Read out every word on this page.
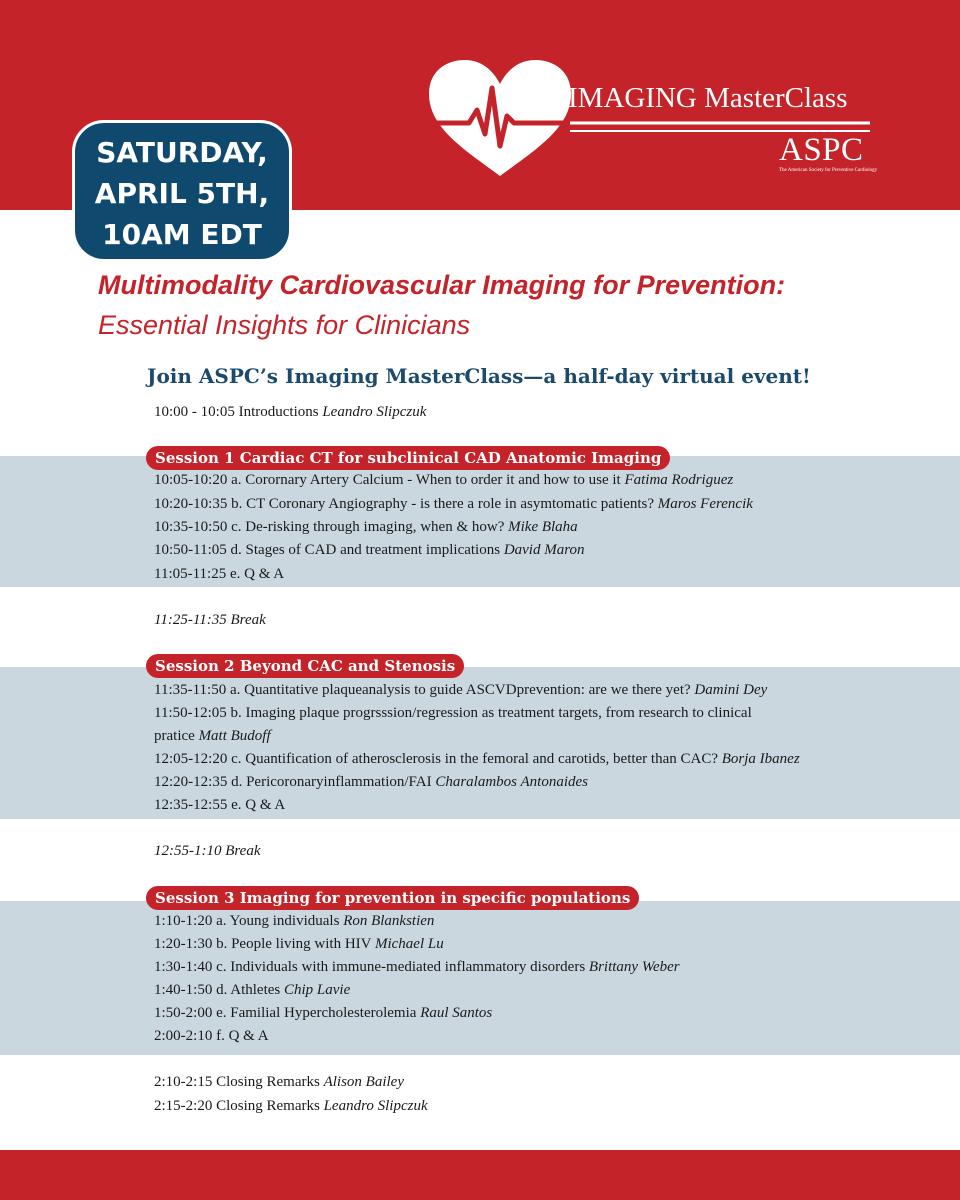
IMAGING MasterClass
ASPC
The American Society for Preventive Cardiology
SATURDAY,
APRIL 5TH,
10AM EDT
Multimodality Cardiovascular Imaging for Prevention:
Essential Insights for Clinicians
Join ASPC’s Imaging MasterClass—a half-day virtual event!
10:00 - 10:05 Introductions Leandro Slipczuk
Session 1 Cardiac CT for subclinical CAD Anatomic Imaging
10:05-10:20 a. Corornary Artery Calcium - When to order it and how to use it Fatima Rodriguez
10:20-10:35 b. CT Coronary Angiography - is there a role in asymtomatic patients? Maros Ferencik
10:35-10:50 c. De-risking through imaging, when & how? Mike Blaha
10:50-11:05 d. Stages of CAD and treatment implications David Maron
11:05-11:25 e. Q & A
11:25-11:35 Break
Session 2 Beyond CAC and Stenosis
11:35-11:50 a. Quantitative plaqueanalysis to guide ASCVDprevention: are we there yet? Damini Dey
11:50-12:05 b. Imaging plaque progrsssion/regression as treatment targets, from research to clinical
pratice Matt Budoff
12:05-12:20 c. Quantification of atherosclerosis in the femoral and carotids, better than CAC? Borja Ibanez
12:20-12:35 d. Pericoronaryinflammation/FAI Charalambos Antonaides
12:35-12:55 e. Q & A
12:55-1:10 Break
Session 3 Imaging for prevention in specific populations
1:10-1:20 a. Young individuals Ron Blankstien
1:20-1:30 b. People living with HIV Michael Lu
1:30-1:40 c. Individuals with immune-mediated inflammatory disorders Brittany Weber
1:40-1:50 d. Athletes Chip Lavie
1:50-2:00 e. Familial Hypercholesterolemia Raul Santos
2:00-2:10 f. Q & A
2:10-2:15 Closing Remarks Alison Bailey
2:15-2:20 Closing Remarks Leandro Slipczuk
